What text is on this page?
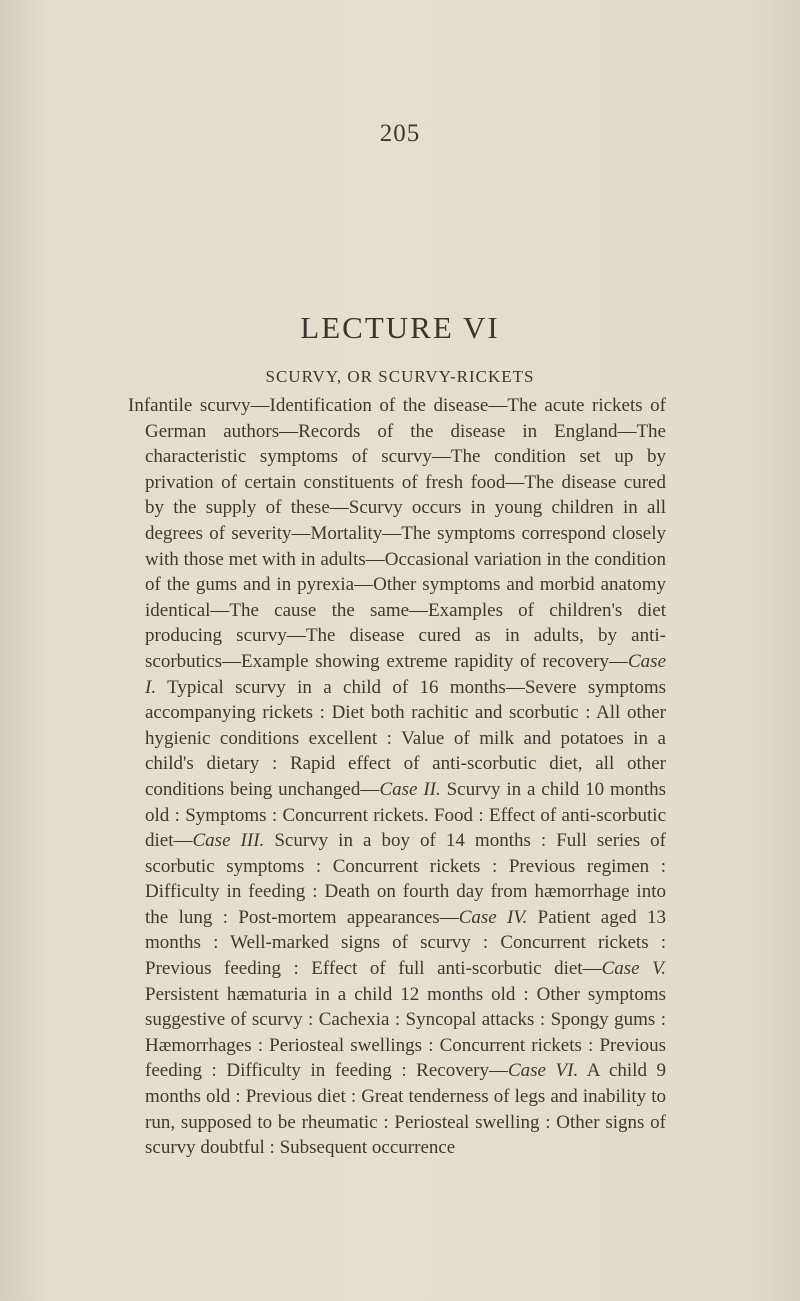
205
LECTURE VI
SCURVY, OR SCURVY-RICKETS
Infantile scurvy—Identification of the disease—The acute rickets of German authors—Records of the disease in England—The characteristic symptoms of scurvy—The condition set up by privation of certain constituents of fresh food—The disease cured by the supply of these—Scurvy occurs in young children in all degrees of severity—Mortality—The symptoms correspond closely with those met with in adults—Occasional variation in the condition of the gums and in pyrexia—Other symptoms and morbid anatomy identical—The cause the same—Examples of children's diet producing scurvy—The disease cured as in adults, by anti-scorbutics—Example showing extreme rapidity of recovery—Case I. Typical scurvy in a child of 16 months—Severe symptoms accompanying rickets : Diet both rachitic and scorbutic : All other hygienic conditions excellent : Value of milk and potatoes in a child's dietary : Rapid effect of anti-scorbutic diet, all other conditions being unchanged—Case II. Scurvy in a child 10 months old : Symptoms : Concurrent rickets. Food : Effect of anti-scorbutic diet—Case III. Scurvy in a boy of 14 months : Full series of scorbutic symptoms : Concurrent rickets : Previous regimen : Difficulty in feeding : Death on fourth day from hæmorrhage into the lung : Post-mortem appearances—Case IV. Patient aged 13 months : Well-marked signs of scurvy : Concurrent rickets : Previous feeding : Effect of full anti-scorbutic diet—Case V. Persistent hæmaturia in a child 12 months old : Other symptoms suggestive of scurvy : Cachexia : Syncopal attacks : Spongy gums : Hæmorrhages : Periosteal swellings : Concurrent rickets : Previous feeding : Difficulty in feeding : Recovery—Case VI. A child 9 months old : Previous diet : Great tenderness of legs and inability to run, supposed to be rheumatic : Periosteal swelling : Other signs of scurvy doubtful : Subsequent occurrence
